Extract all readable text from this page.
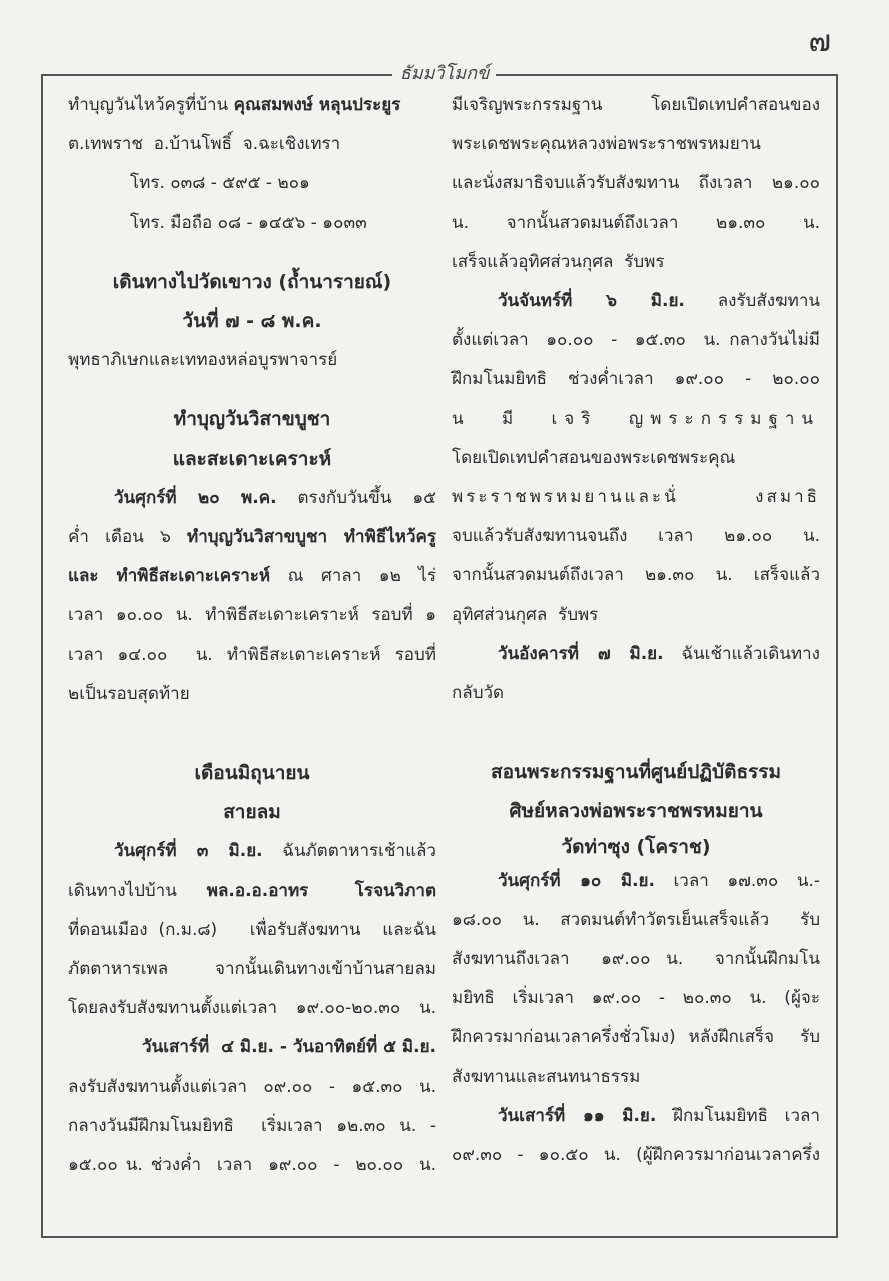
๗
ธัมมวิโมกข์

ทำบุญวันไหว้ครูที่บ้าน คุณสมพงษ์ หลุนประยูร

ต.เทพราช  อ.บ้านโพธิ์  จ.ฉะเชิงเทรา

โทร. ๐๓๘ - ๕๙๕ - ๒๐๑

โทร. มือถือ ๐๘ - ๑๔๕๖ - ๑๐๓๓

เดินทางไปวัดเขาวง (ถ้ำนารายณ์)

วันที่ ๗ - ๘ พ.ค.

พุทธาภิเษกและเททองหล่อบูรพาจารย์

ทำบุญวันวิสาขบูชา

และสะเดาะเคราะห์

วันศุกร์ที่ ๒๐ พ.ค. ตรงกับวันขึ้น ๑๕

ค่ำ เดือน ๖ ทำบุญวันวิสาขบูชา ทำพิธีไหว้ครู

และ ทำพิธีสะเดาะเคราะห์ ณ ศาลา ๑๒ ไร่

เวลา ๑๐.๐๐ น. ทำพิธีสะเดาะเคราะห์ รอบที่ ๑

เวลา ๑๔.๐๐  น. ทำพิธีสะเดาะเคราะห์ รอบที่

๒เป็นรอบสุดท้าย

เดือนมิถุนายน

สายลม

วันศุกร์ที่ ๓ มิ.ย. ฉันภัตตาหารเช้าแล้ว

เดินทางไปบ้าน  พล.อ.อ.อาทร   โรจนวิภาต

ที่ดอนเมือง (ก.ม.๘)   เพื่อรับสังฆทาน  และฉัน

ภัตตาหารเพล   จากนั้นเดินทางเข้าบ้านสายลม

โดยลงรับสังฆทานตั้งแต่เวลา ๑๙.๐๐-๒๐.๓๐ น.

วันเสาร์ที่  ๔ มิ.ย. - วันอาทิตย์ที่ ๕ มิ.ย.

ลงรับสังฆทานตั้งแต่เวลา ๐๙.๐๐ - ๑๕.๓๐ น.

กลางวันมีฝึกมโนมยิทธิ  เริ่มเวลา ๑๒.๓๐ น. -

๑๕.๐๐ น. ช่วงค่ำ  เวลา  ๑๙.๐๐  -  ๒๐.๐๐  น.

มีเจริญพระกรรมฐาน  โดยเปิดเทปคำสอนของ

พระเดชพระคุณหลวงพ่อพระราชพรหมยาน

และนั่งสมาธิจบแล้วรับสังฆทาน  ถึงเวลา  ๒๑.๐๐

น.  จากนั้นสวดมนต์ถึงเวลา  ๒๑.๓๐  น.

เสร็จแล้วอุทิศส่วนกุศล  รับพร

วันจันทร์ที่  ๖  มิ.ย.  ลงรับสังฆทาน

ตั้งแต่เวลา  ๑๐.๐๐  -  ๑๕.๓๐  น. กลางวันไม่มี

ฝึกมโนมยิทธิ  ช่วงค่ำเวลา  ๑๙.๐๐  -  ๒๐.๐๐

น มี เจริ ญพระกรรมฐาน

โดยเปิดเทปคำสอนของพระเดชพระคุณ

พระราชพรหมยานและนั่ งสมาธิ

จบแล้วรับสังฆทานจนถึง  เวลา  ๒๑.๐๐  น.

จากนั้นสวดมนต์ถึงเวลา ๒๑.๓๐ น. เสร็จแล้ว

อุทิศส่วนกุศล  รับพร

วันอังคารที่  ๗  มิ.ย.  ฉันเช้าแล้วเดินทาง

กลับวัด

สอนพระกรรมฐานที่ศูนย์ปฏิบัติธรรม

ศิษย์หลวงพ่อพระราชพรหมยาน

วัดท่าซุง (โคราช)

วันศุกร์ที่  ๑๐  มิ.ย.  เวลา  ๑๗.๓๐  น.-

๑๘.๐๐  น.  สวดมนต์ทำวัตรเย็นเสร็จแล้ว   รับ

สังฆทานถึงเวลา    ๑๙.๐๐  น.    จากนั้นฝึกมโน

มยิทธิ  เริ่มเวลา  ๑๙.๐๐  -  ๒๐.๓๐  น.  (ผู้จะ

ฝึกควรมาก่อนเวลาครึ่งชั่วโมง) หลังฝึกเสร็จ  รับ

สังฆทานและสนทนาธรรม

วันเสาร์ที่  ๑๑  มิ.ย.  ฝึกมโนมยิทธิ  เวลา

๐๙.๓๐ - ๑๐.๕๐ น. (ผู้ฝึกควรมาก่อนเวลาครึ่ง
